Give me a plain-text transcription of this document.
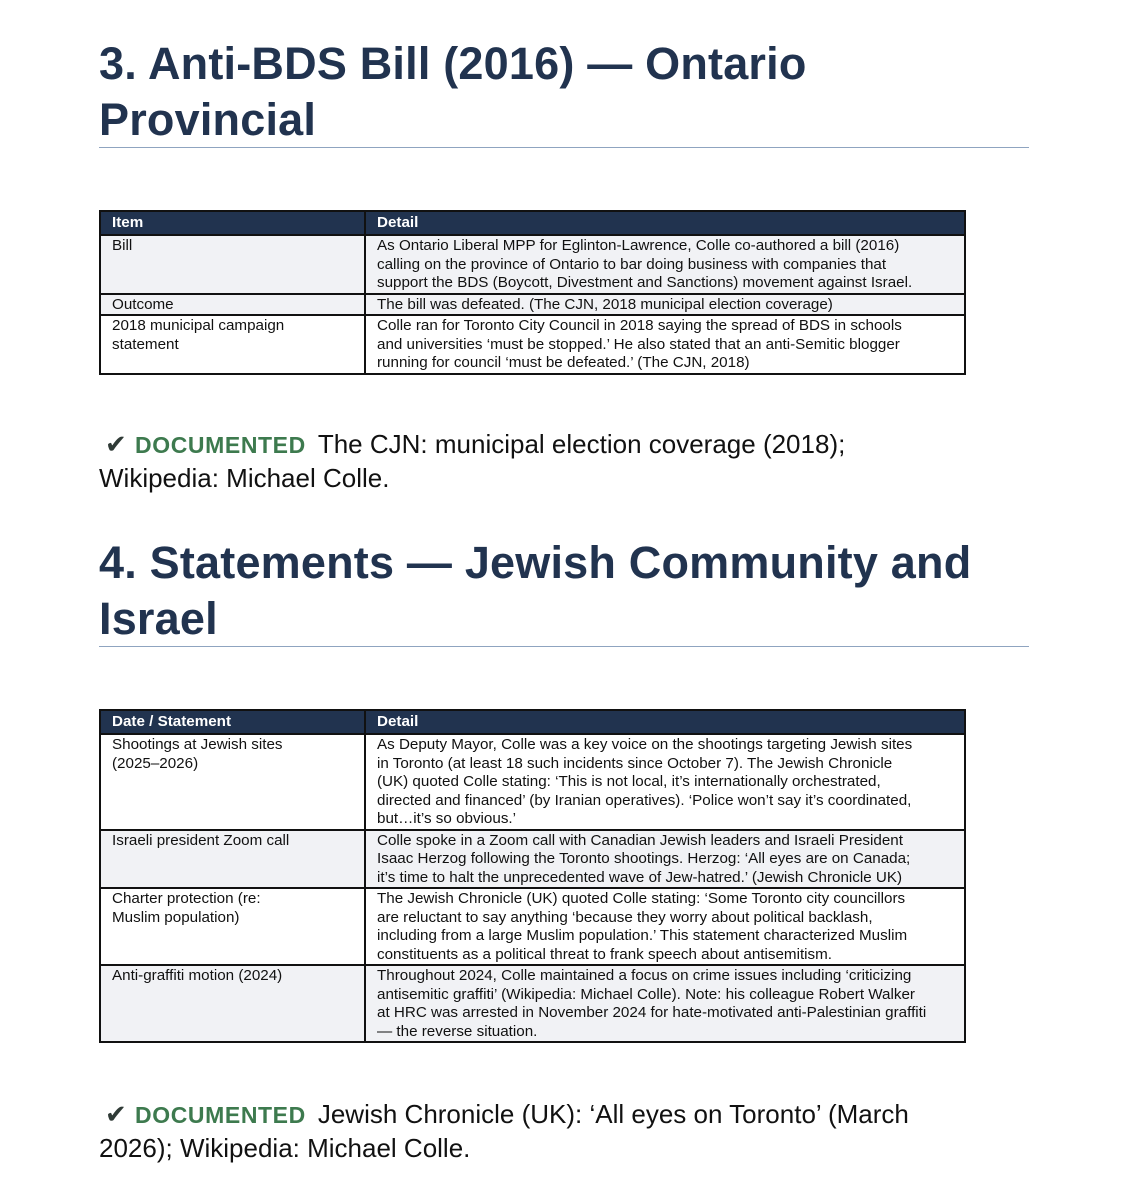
3. Anti-BDS Bill (2016) — Ontario
Provincial
Item	Detail
Bill	As Ontario Liberal MPP for Eglinton-Lawrence, Colle co-authored a bill (2016)
calling on the province of Ontario to bar doing business with companies that
support the BDS (Boycott, Divestment and Sanctions) movement against Israel.
Outcome	The bill was defeated. (The CJN, 2018 municipal election coverage)
2018 municipal campaign
statement	Colle ran for Toronto City Council in 2018 saying the spread of BDS in schools
and universities ‘must be stopped.’ He also stated that an anti-Semitic blogger
running for council ‘must be defeated.’ (The CJN, 2018)
✔ DOCUMENTED The CJN: municipal election coverage (2018);
Wikipedia: Michael Colle.
4. Statements — Jewish Community and
Israel
Date / Statement	Detail
Shootings at Jewish sites
(2025–2026)	As Deputy Mayor, Colle was a key voice on the shootings targeting Jewish sites
in Toronto (at least 18 such incidents since October 7). The Jewish Chronicle
(UK) quoted Colle stating: ‘This is not local, it’s internationally orchestrated,
directed and financed’ (by Iranian operatives). ‘Police won’t say it’s coordinated,
but…it’s so obvious.’
Israeli president Zoom call	Colle spoke in a Zoom call with Canadian Jewish leaders and Israeli President
Isaac Herzog following the Toronto shootings. Herzog: ‘All eyes are on Canada;
it’s time to halt the unprecedented wave of Jew-hatred.’ (Jewish Chronicle UK)
Charter protection (re:
Muslim population)	The Jewish Chronicle (UK) quoted Colle stating: ‘Some Toronto city councillors
are reluctant to say anything ‘because they worry about political backlash,
including from a large Muslim population.’ This statement characterized Muslim
constituents as a political threat to frank speech about antisemitism.
Anti-graffiti motion (2024)	Throughout 2024, Colle maintained a focus on crime issues including ‘criticizing
antisemitic graffiti’ (Wikipedia: Michael Colle). Note: his colleague Robert Walker
at HRC was arrested in November 2024 for hate-motivated anti-Palestinian graffiti
— the reverse situation.
✔ DOCUMENTED Jewish Chronicle (UK): ‘All eyes on Toronto’ (March
2026); Wikipedia: Michael Colle.
